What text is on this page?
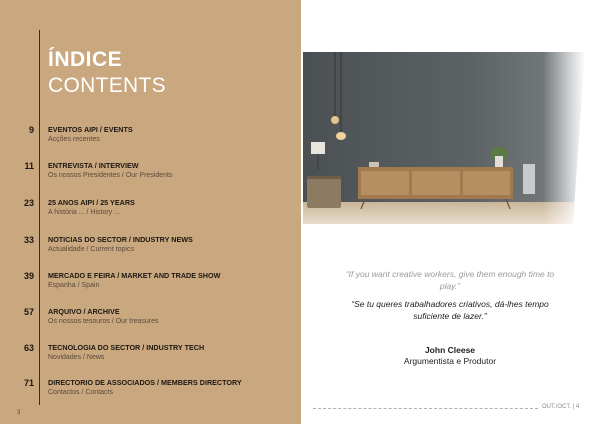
ÍNDICE
CONTENTS
9 EVENTOS AIPI / EVENTS
Acções recentes
11 ENTREVISTA / INTERVIEW
Os nossos Presidentes / Our Presidents
23 25 ANOS AIPI / 25 YEARS
A história ... / History ...
33 NOTICIAS DO SECTOR / INDUSTRY NEWS
Actualidade / Current topics
39 MERCADO E FEIRA / MARKET AND TRADE SHOW
Espanha / Spain
57 ARQUIVO / ARCHIVE
Os nossos tesouros / Our treasures
63 TECNOLOGIA DO SECTOR / INDUSTRY TECH
Novidades / News
71 DIRECTORIO DE ASSOCIADOS / MEMBERS DIRECTORY
Contactos / Contacts
3
“If you want creative workers, give them enough time to play.”
“Se tu queres trabalhadores criativos, dá-lhes tempo suficiente de lazer.”
John Cleese
Argumentista e Produtor
OUT./OCT. | 4
